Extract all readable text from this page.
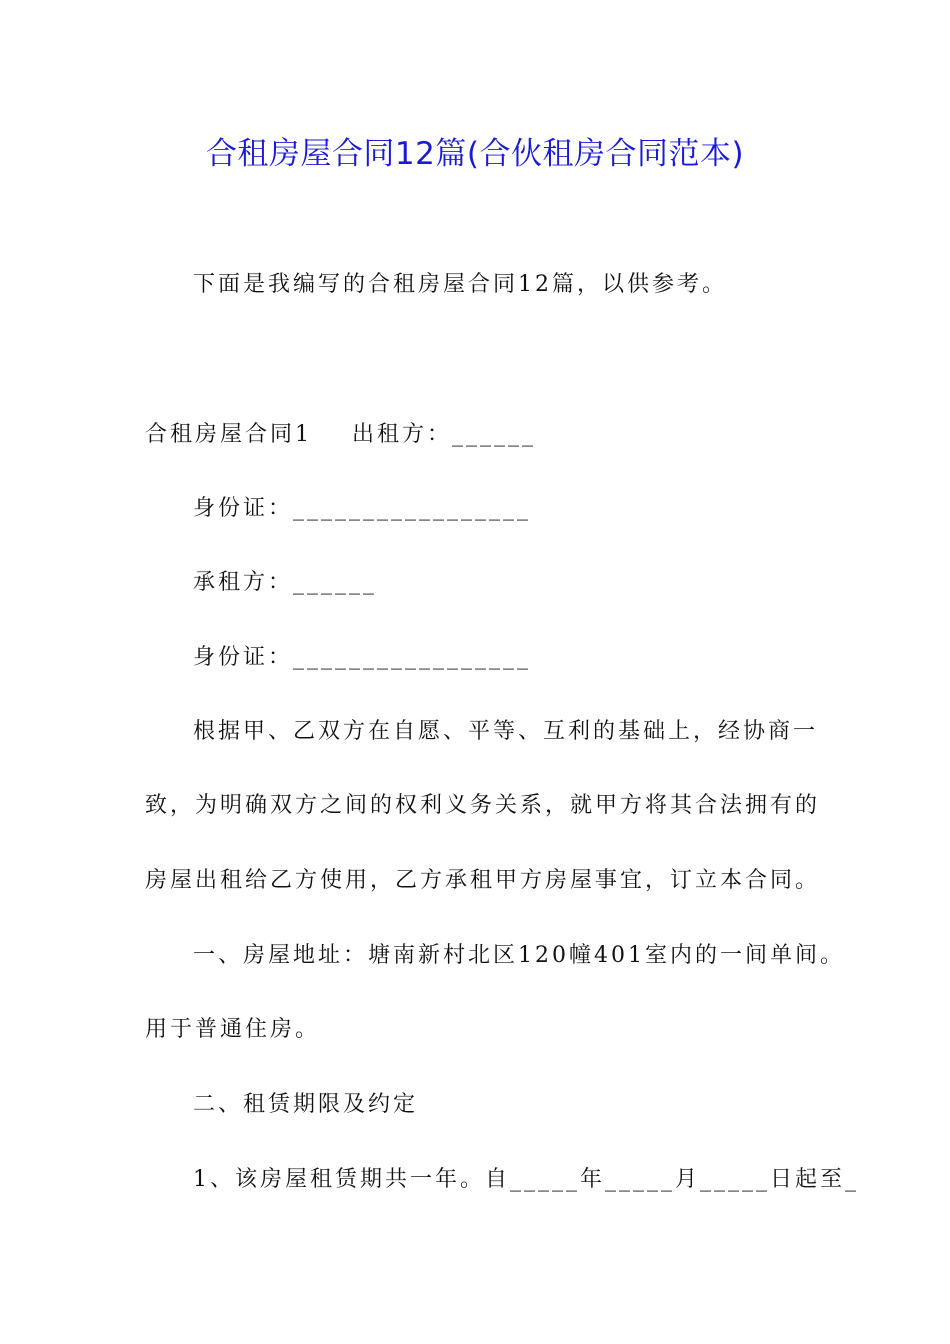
合租房屋合同12篇(合伙租房合同范本)
下面是我编写的合租房屋合同12篇，以供参考。
合租房屋合同1 出租方：______
身份证：_________________
承租方：______
身份证：_________________
根据甲、乙双方在自愿、平等、互利的基础上，经协商一
致，为明确双方之间的权利义务关系，就甲方将其合法拥有的
房屋出租给乙方使用，乙方承租甲方房屋事宜，订立本合同。
一、房屋地址：塘南新村北区120幢401室内的一间单间。
用于普通住房。
二、租赁期限及约定
1、该房屋租赁期共一年。自_____年_____月_____日起至_
